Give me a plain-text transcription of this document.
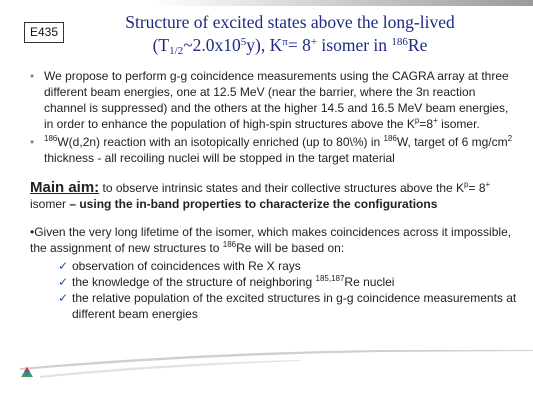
E435	Structure of excited states above the long-lived
$(T_{1/2}\sim 2.0x10^5y)$, $K^\pi= 8^+$ isomer in $^{186}$Re
• We propose to perform g-g coincidence measurements using the CAGRA array at three different beam energies, one at 12.5 MeV (near the barrier, where the 3n reaction channel is suppressed) and the others at the higher 14.5 and 16.5 MeV beam energies, in order to enhance the population of high-spin structures above the $K^p=8^+$ isomer.
• $^{186}$W(d,2n) reaction with an isotopically enriched (up to 80\%) in $^{186}$W, target of 6 $mg/cm^2$ thickness - all recoiling nuclei will be stopped in the target material
Main aim: to observe intrinsic states and their collective structures above the $K^p= 8^+$ isomer – using the in-band properties to characterize the configurations
•Given the very long lifetime of the isomer, which makes coincidences across it impossible, the assignment of new structures to $^{186}$Re will be based on:
✓ observation of coincidences with Re X rays
✓ the knowledge of the structure of neighboring $^{185,187}$Re nuclei
✓ the relative population of the excited structures in g-g coincidence measurements at different beam energies
